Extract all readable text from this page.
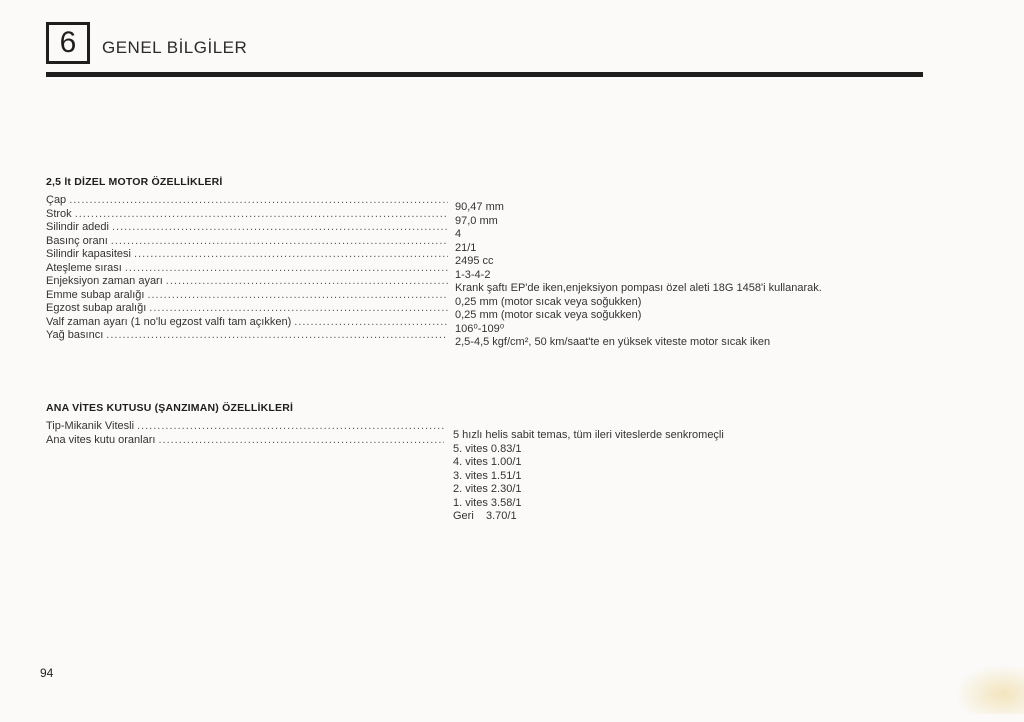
6	GENEL BİLGİLER
2,5 lt DİZEL MOTOR ÖZELLİKLERİ
Çap
.....
Strok
.....
Silindir adedi
.....
Basınç oranı
.....
Silindir kapasitesi
.....
Ateşleme sırası
.....
Enjeksiyon zaman ayarı
.....
Emme subap aralığı
.....
Egzost subap aralığı
.....
Valf zaman ayarı (1 no'lu egzost valfı tam açıkken)
.....
Yağ basıncı
.....
90,47 mm
97,0 mm
4
21/1
2495 cc
1-3-4-2
Krank şaftı EP'de iken,enjeksiyon pompası özel aleti 18G 1458'i kullanarak.
0,25 mm (motor sıcak veya soğukken)
0,25 mm (motor sıcak veya soğukken)
106⁰-109⁰
2,5-4,5 kgf/cm², 50 km/saat'te en yüksek viteste motor sıcak iken
ANA VİTES KUTUSU (ŞANZIMAN) ÖZELLİKLERİ
Tip-Mikanik Vitesli
.....
Ana vites kutu oranları
.....	5 hızlı helis sabit temas, tüm ileri viteslerde senkromeçli
5. vites 0.83/1
4. vites 1.00/1
3. vites 1.51/1
2. vites 2.30/1
1. vites 3.58/1
Geri    3.70/1
94
